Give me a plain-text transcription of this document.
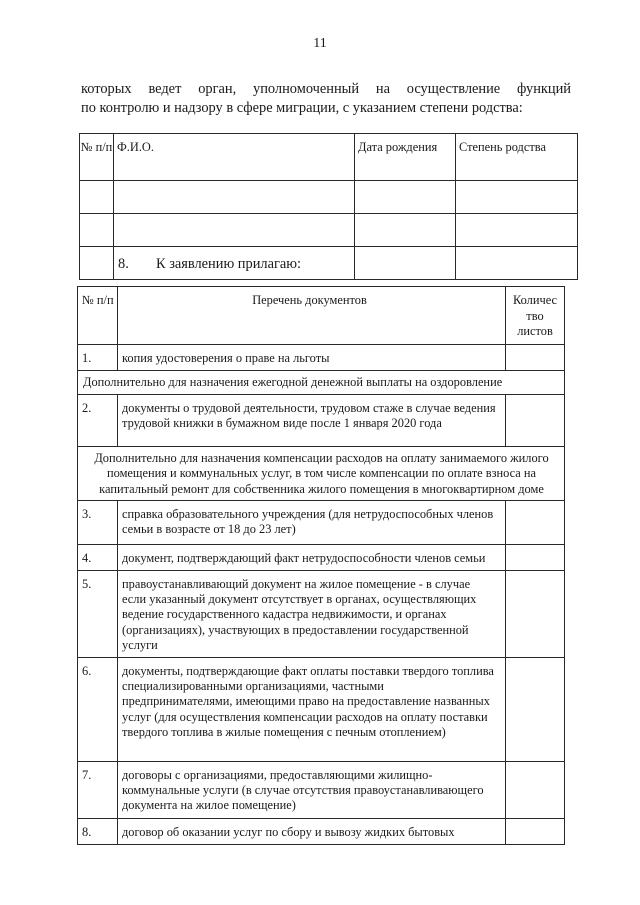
11
которых ведет орган, уполномоченный на осуществление функций
по контролю и надзору в сфере миграции, с указанием степени родства:
№ п/п	Ф.И.О.	Дата рождения	Степень родства

8. К заявлению прилагаю:
№ п/п	Перечень документов	Количес тво листов
1.	копия удостоверения о праве на льготы	
Дополнительно для назначения ежегодной денежной выплаты на оздоровление		
2.	документы о трудовой деятельности, трудовом стаже в случае ведения трудовой книжки в бумажном виде после 1 января 2020 года	
Дополнительно для назначения компенсации расходов на оплату занимаемого жилого помещения и коммунальных услуг, в том числе компенсации по оплате взноса на капитальный ремонт для собственника жилого помещения в многоквартирном доме		
3.	справка образовательного учреждения (для нетрудоспособных членов семьи в возрасте от 18 до 23 лет)	
4.	документ, подтверждающий факт нетрудоспособности членов семьи	
5.	правоустанавливающий документ на жилое помещение - в случае если указанный документ отсутствует в органах, осуществляющих ведение государственного кадастра недвижимости, и органах (организациях), участвующих в предоставлении государственной услуги	
6.	документы, подтверждающие факт оплаты поставки твердого топлива специализированными организациями, частными предпринимателями, имеющими право на предоставление названных услуг (для осуществления компенсации расходов на оплату поставки твердого топлива в жилые помещения с печным отоплением)	
7.	договоры с организациями, предоставляющими жилищно-коммунальные услуги (в случае отсутствия правоустанавливающего документа на жилое помещение)	
8.	договор об оказании услуг по сбору и вывозу жидких бытовых	
